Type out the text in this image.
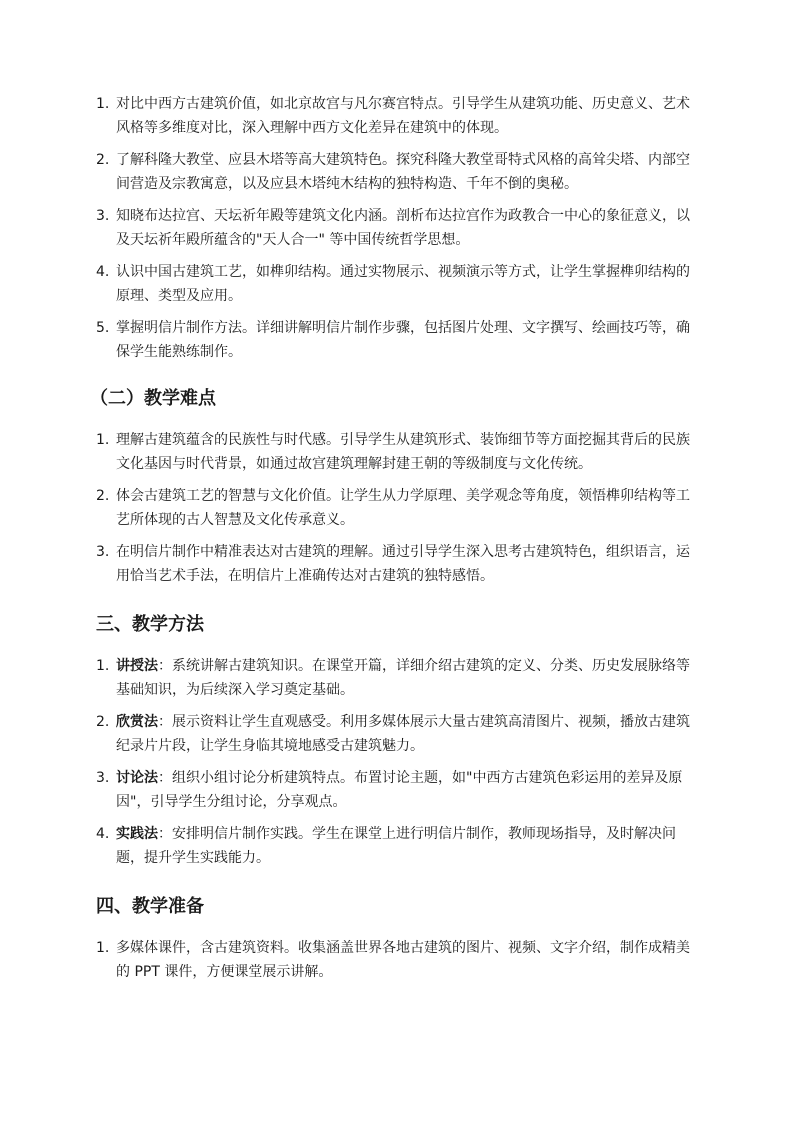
1. 对比中西方古建筑价值，如北京故宫与凡尔赛宫特点。引导学生从建筑功能、历史意义、艺术风格等多维度对比，深入理解中西方文化差异在建筑中的体现。
2. 了解科隆大教堂、应县木塔等高大建筑特色。探究科隆大教堂哥特式风格的高耸尖塔、内部空间营造及宗教寓意，以及应县木塔纯木结构的独特构造、千年不倒的奥秘。
3. 知晓布达拉宫、天坛祈年殿等建筑文化内涵。剖析布达拉宫作为政教合一中心的象征意义，以及天坛祈年殿所蕴含的"天人合一" 等中国传统哲学思想。
4. 认识中国古建筑工艺，如榫卯结构。通过实物展示、视频演示等方式，让学生掌握榫卯结构的原理、类型及应用。
5. 掌握明信片制作方法。详细讲解明信片制作步骤，包括图片处理、文字撰写、绘画技巧等，确保学生能熟练制作。
（二）教学难点
1. 理解古建筑蕴含的民族性与时代感。引导学生从建筑形式、装饰细节等方面挖掘其背后的民族文化基因与时代背景，如通过故宫建筑理解封建王朝的等级制度与文化传统。
2. 体会古建筑工艺的智慧与文化价值。让学生从力学原理、美学观念等角度，领悟榫卯结构等工艺所体现的古人智慧及文化传承意义。
3. 在明信片制作中精准表达对古建筑的理解。通过引导学生深入思考古建筑特色，组织语言，运用恰当艺术手法，在明信片上准确传达对古建筑的独特感悟。
三、教学方法
1. 讲授法：系统讲解古建筑知识。在课堂开篇，详细介绍古建筑的定义、分类、历史发展脉络等基础知识，为后续深入学习奠定基础。
2. 欣赏法：展示资料让学生直观感受。利用多媒体展示大量古建筑高清图片、视频，播放古建筑纪录片片段，让学生身临其境地感受古建筑魅力。
3. 讨论法：组织小组讨论分析建筑特点。布置讨论主题，如"中西方古建筑色彩运用的差异及原因"，引导学生分组讨论，分享观点。
4. 实践法：安排明信片制作实践。学生在课堂上进行明信片制作，教师现场指导，及时解决问题，提升学生实践能力。
四、教学准备
1. 多媒体课件，含古建筑资料。收集涵盖世界各地古建筑的图片、视频、文字介绍，制作成精美的 PPT 课件，方便课堂展示讲解。
